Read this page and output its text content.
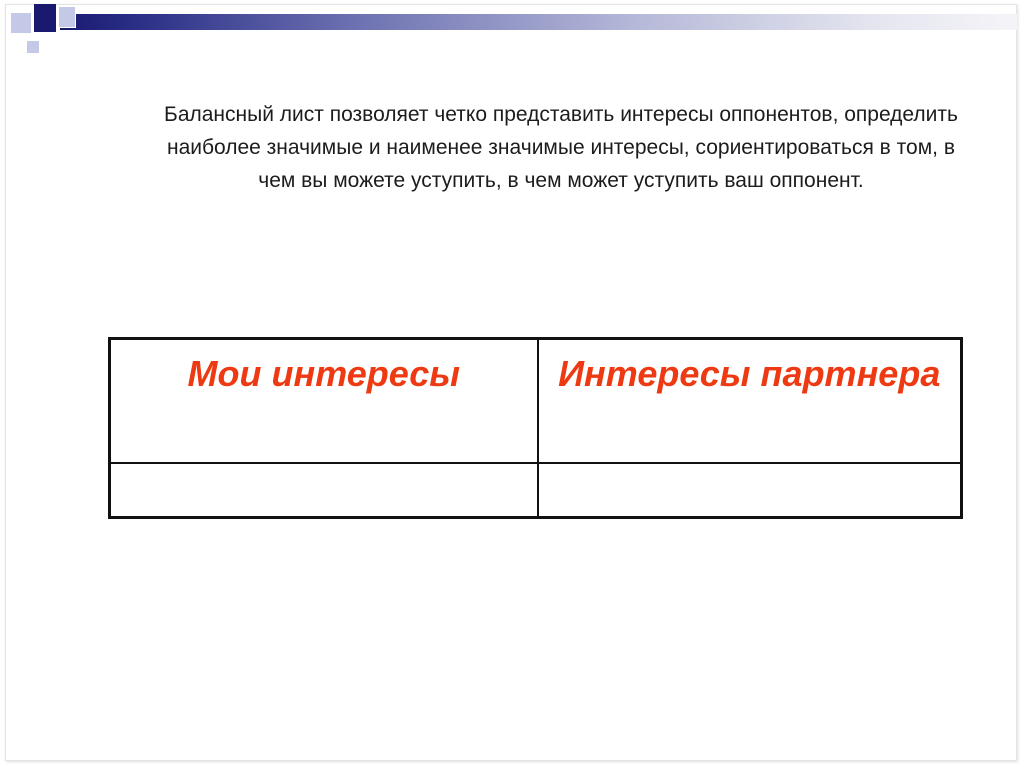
Балансный лист позволяет четко представить интересы оппонентов, определить наиболее значимые и наименее значимые интересы, сориентироваться в том, в чем вы можете уступить, в чем может уступить ваш оппонент.

Мои интересы	Интересы партнера
